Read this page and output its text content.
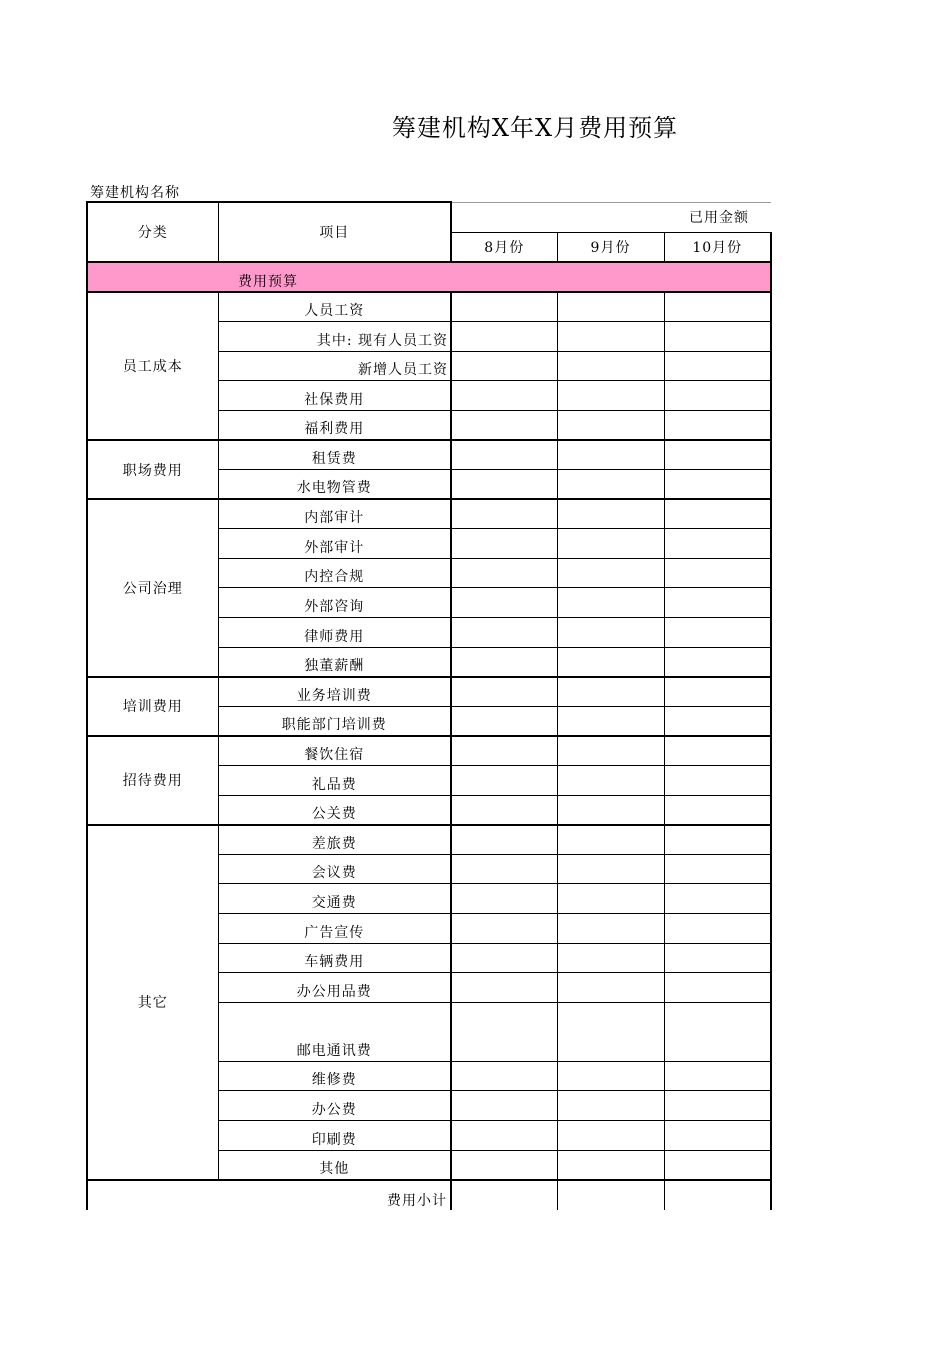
筹建机构X年X月费用预算
筹建机构名称
分类	项目	已用金额		
		8月份	9月份	10月份
费用预算				
员工成本	人员工资			
	其中: 现有人员工资			
	新增人员工资			
	社保费用			
	福利费用			
职场费用	租赁费			
	水电物管费			
公司治理	内部审计			
	外部审计			
	内控合规			
	外部咨询			
	律师费用			
	独董薪酬			
培训费用	业务培训费			
	职能部门培训费			
招待费用	餐饮住宿			
	礼品费			
	公关费			
其它	差旅费			
	会议费			
	交通费			
	广告宣传			
	车辆费用			
	办公用品费			
	邮电通讯费			
	维修费			
	办公费			
	印刷费			
	其他			
费用小计				
